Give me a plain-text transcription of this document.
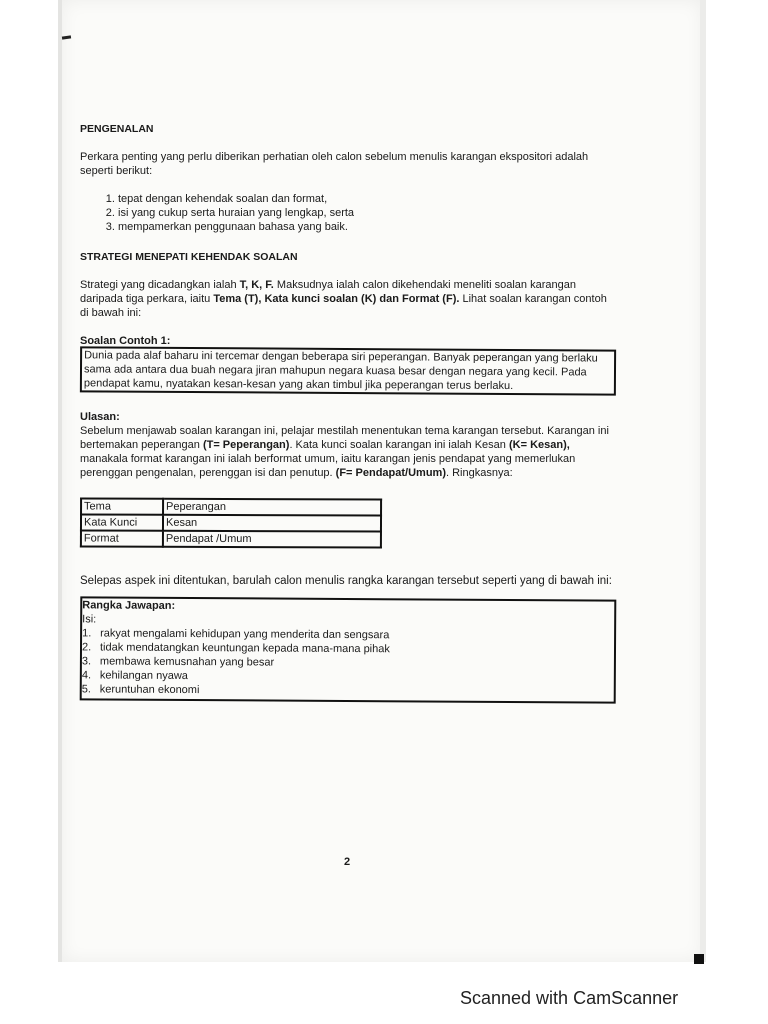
PENGENALAN
Perkara penting yang perlu diberikan perhatian oleh calon sebelum menulis karangan ekspositori adalah seperti berikut:
1. tepat dengan kehendak soalan dan format,
2. isi yang cukup serta huraian yang lengkap, serta
3. mempamerkan penggunaan bahasa yang baik.
STRATEGI MENEPATI KEHENDAK SOALAN
Strategi yang dicadangkan ialah T, K, F. Maksudnya ialah calon dikehendaki meneliti soalan karangan daripada tiga perkara, iaitu Tema (T), Kata kunci soalan (K) dan Format (F). Lihat soalan karangan contoh di bawah ini:
Soalan Contoh 1:
Dunia pada alaf baharu ini tercemar dengan beberapa siri peperangan. Banyak peperangan yang berlaku
sama ada antara dua buah negara jiran mahupun negara kuasa besar dengan negara yang kecil. Pada
pendapat kamu, nyatakan kesan-kesan yang akan timbul jika peperangan terus berlaku.
Ulasan:
Sebelum menjawab soalan karangan ini, pelajar mestilah menentukan tema karangan tersebut. Karangan ini bertemakan peperangan (T= Peperangan). Kata kunci soalan karangan ini ialah Kesan (K= Kesan), manakala format karangan ini ialah berformat umum, iaitu karangan jenis pendapat yang memerlukan perenggan pengenalan, perenggan isi dan penutup. (F= Pendapat/Umum). Ringkasnya:
Tema	Peperangan
Kata Kunci	Kesan
Format	Pendapat /Umum
Selepas aspek ini ditentukan, barulah calon menulis rangka karangan tersebut seperti yang di bawah ini:
Rangka Jawapan:
Isi:
1. rakyat mengalami kehidupan yang menderita dan sengsara
2. tidak mendatangkan keuntungan kepada mana-mana pihak
3. membawa kemusnahan yang besar
4. kehilangan nyawa
5. keruntuhan ekonomi
2
Scanned with CamScanner
